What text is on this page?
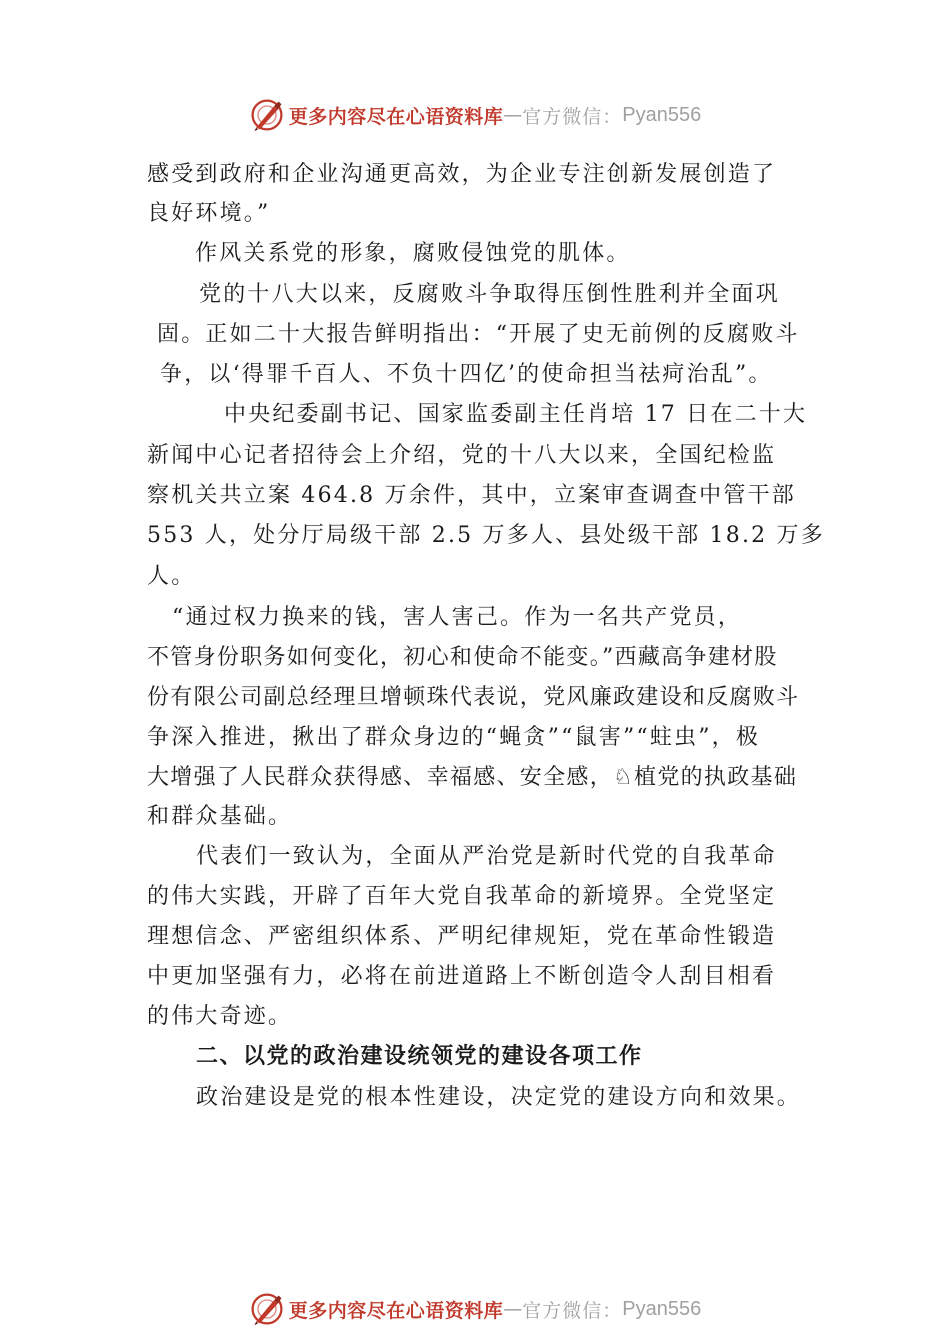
更多内容尽在心语资料库 — 官方微信： Pyan556
感受到政府和企业沟通更高效，为企业专注创新发展创造了
良好环境。”
作风关系党的形象，腐败侵蚀党的肌体。
党的十八大以来，反腐败斗争取得压倒性胜利并全面巩
固。正如二十大报告鲜明指出：“开展了史无前例的反腐败斗
争，以‘得罪千百人、不负十四亿’的使命担当祛疴治乱”。
中央纪委副书记、国家监委副主任肖培 17 日在二十大
新闻中心记者招待会上介绍，党的十八大以来，全国纪检监
察机关共立案 464.8 万余件，其中，立案审查调查中管干部
553 人，处分厅局级干部 2.5 万多人、县处级干部 18.2 万多
人。
“通过权力换来的钱，害人害己。作为一名共产党员，
不管身份职务如何变化，初心和使命不能变。”西藏高争建材股
份有限公司副总经理旦增顿珠代表说，党风廉政建设和反腐败斗
争深入推进，揪出了群众身边的“蝇贪”“鼠害”“蛀虫”，极
大增强了人民群众获得感、幸福感、安全感，♘植党的执政基础
和群众基础。
代表们一致认为，全面从严治党是新时代党的自我革命
的伟大实践，开辟了百年大党自我革命的新境界。全党坚定
理想信念、严密组织体系、严明纪律规矩，党在革命性锻造
中更加坚强有力，必将在前进道路上不断创造令人刮目相看
的伟大奇迹。
二、以党的政治建设统领党的建设各项工作
政治建设是党的根本性建设，决定党的建设方向和效果。
更多内容尽在心语资料库 — 官方微信： Pyan556
